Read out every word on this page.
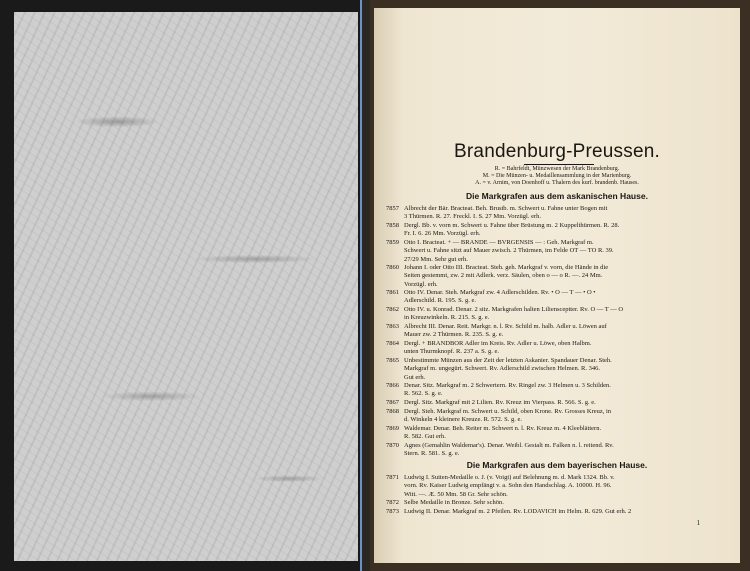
Brandenburg-Preussen.
R. = Bahrfeldt, Münzwesen der Mark Brandenburg.
M. = Die Münzen- u. Medaillensammlung in der Marienburg.
A. = v. Arnim, von Doenhoff u. Thalern des kurf. brandenb. Hauses.
Die Markgrafen aus dem askanischen Hause.
7857 Albrecht der Bär. Bracteat. Beh. Brustb. m. Schwert u. Fahne unter Bogen mit
3 Thürmen. R. 27. Freckl. I. S. 27 Mm. Vorzügl. erh.
7858 Dergl. Bb. v. vorn m. Schwert u. Fahne über Brüstung m. 2 Kuppelthürmen. R. 28.
Fr. I. 6. 26 Mm. Vorzügl. erh.
7859 Otto I. Bracteat. + — BRANDE — BVRGENSIS — : Geh. Markgraf m.
Schwert u. Fahne sitzt auf Mauer zwisch. 2 Thürmen, im Felde OT — TO R. 39.
27/29 Mm. Sehr gut erh.
7860 Johann I. oder Otto III. Bracteat. Steh. geh. Markgraf v. vorn, die Hände in die
Seiten gestemmt, zw. 2 mit Adlerk. verz. Säulen, oben o — o R. —. 24 Mm.
Vorzügl. erh.
7861 Otto IV. Denar. Steh. Markgraf zw. 4 Adlerschilden. Rv. • O — T — • O •
Adlerschild. R. 195. S. g. e.
7862 Otto IV. u. Konrad. Denar. 2 sitz. Markgrafen halten Liliensceptter. Rv. O — T — O
in Kreuzwinkeln. R. 215. S. g. e.
7863 Albrecht III. Denar. Reit. Markgr. n. l. Rv. Schild m. halb. Adler u. Löwen auf
Mauer zw. 2 Thürmen. R. 235. S. g. e.
7864 Dergl. + BRANDBOR Adler im Kreis. Rv. Adler u. Löwe, oben Halbm.
unten Thurmknopf. R. 237 a. S. g. e.
7865 Unbestimmte Münzen aus der Zeit der letzten Askanier. Spandauer Denar. Steh.
Markgraf m. ungegürt. Schwert. Rv. Adlerschild zwischen Helmen. R. 346.
Gut erh.
7866 Denar. Sitz. Markgraf m. 2 Schwertern. Rv. Ringel zw. 3 Helmen u. 3 Schilden.
R. 562. S. g. e.
7867 Dergl. Sitz. Markgraf mit 2 Lilien. Rv. Kreuz im Vierpass. R. 566. S. g. e.
7868 Dergl. Steh. Markgraf m. Schwert u. Schild, oben Krone. Rv. Grosses Kreuz, in
d. Winkeln 4 kleinere Kreuze. R. 572. S. g. e.
7869 Waldemar. Denar. Beh. Reiter m. Schwert n. l. Rv. Kreuz m. 4 Kleeblättern.
R. 582. Gut erh.
7870 Agnes (Gemahlin Waldemar's). Denar. Weibl. Gestalt m. Falken n. l. reitend. Rv.
Stern. R. 581. S. g. e.
Die Markgrafen aus dem bayerischen Hause.
7871 Ludwig I. Suiten-Medaille o. J. (v. Voigt) auf Belehnung m. d. Mark 1324. Bb. v.
vorn. Rv. Kaiser Ludwig empfängt v. a. Sohn den Handschlag. A. 10000. H. 96.
Witt. —. Æ. 50 Mm. 58 Gr. Sehr schön.
7872 Selbe Medaille in Bronze. Sehr schön.
7873 Ludwig II. Denar. Markgraf m. 2 Pfeilen. Rv. LODAVICH im Helm. R. 629. Gut erh. 2
1
